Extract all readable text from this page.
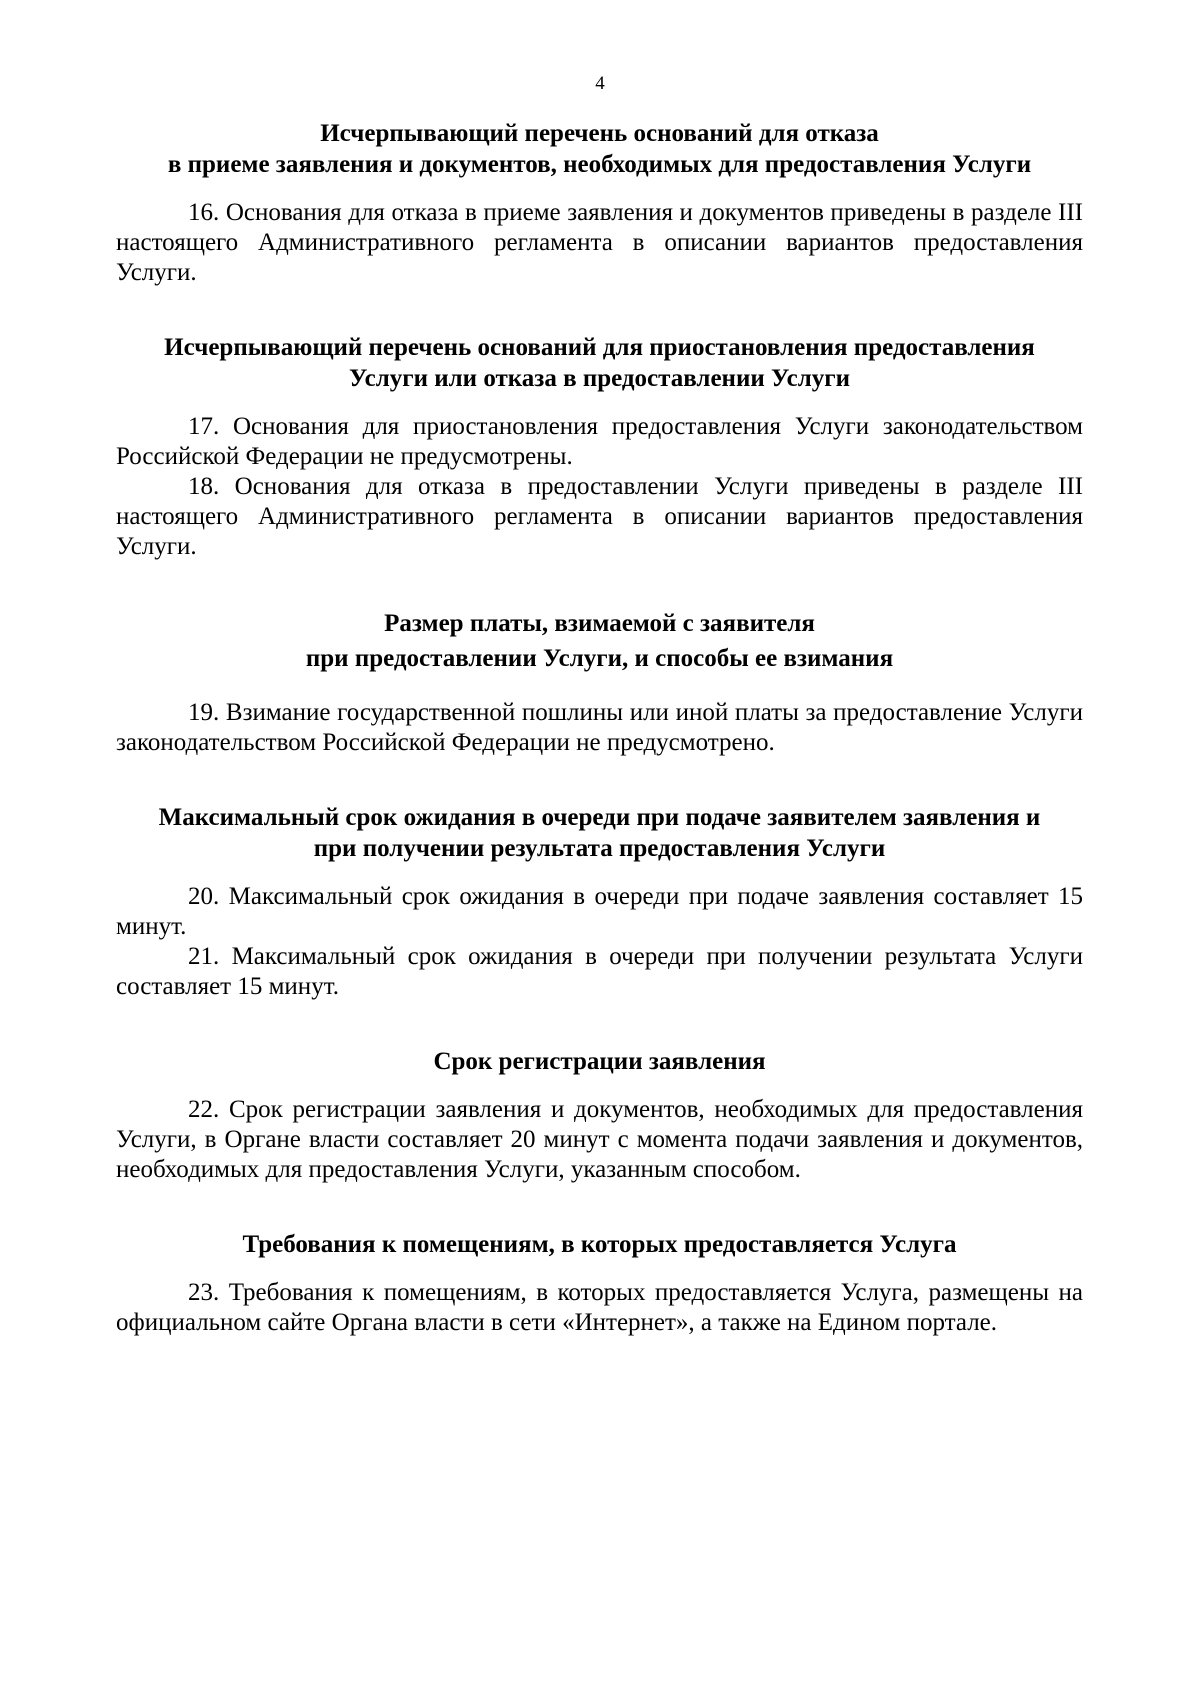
4
Исчерпывающий перечень оснований для отказа
в приеме заявления и документов, необходимых для предоставления Услуги

16. Основания для отказа в приеме заявления и документов приведены в разделе III настоящего Административного регламента в описании вариантов предоставления Услуги.

Исчерпывающий перечень оснований для приостановления предоставления
Услуги или отказа в предоставлении Услуги

17. Основания для приостановления предоставления Услуги законодательством Российской Федерации не предусмотрены.

18. Основания для отказа в предоставлении Услуги приведены в разделе III настоящего Административного регламента в описании вариантов предоставления Услуги.

Размер платы, взимаемой с заявителя
при предоставлении Услуги, и способы ее взимания

19. Взимание государственной пошлины или иной платы за предоставление Услуги законодательством Российской Федерации не предусмотрено.

Максимальный срок ожидания в очереди при подаче заявителем заявления и
при получении результата предоставления Услуги

20. Максимальный срок ожидания в очереди при подаче заявления составляет 15 минут.

21. Максимальный срок ожидания в очереди при получении результата Услуги составляет 15 минут.

Срок регистрации заявления

22. Срок регистрации заявления и документов, необходимых для предоставления Услуги, в Органе власти составляет 20 минут с момента подачи заявления и документов, необходимых для предоставления Услуги, указанным способом.

Требования к помещениям, в которых предоставляется Услуга

23. Требования к помещениям, в которых предоставляется Услуга, размещены на официальном сайте Органа власти в сети «Интернет», а также на Едином портале.
